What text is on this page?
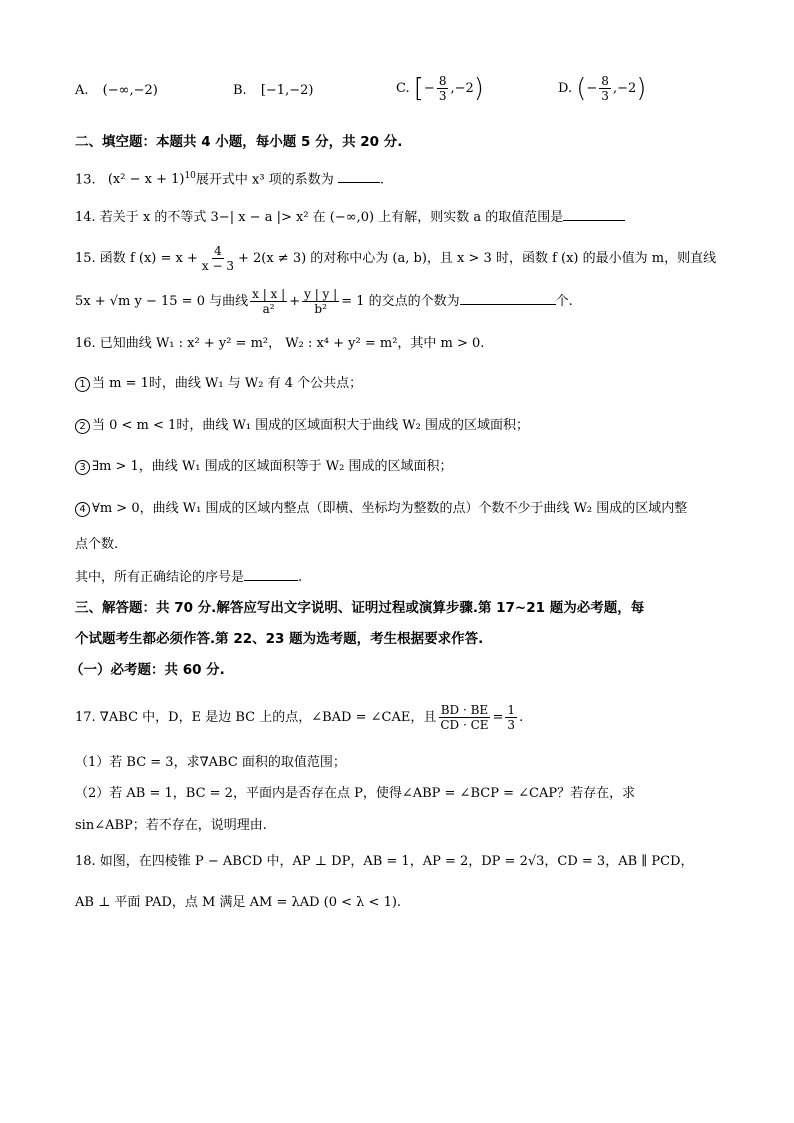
A. (−∞,−2)	B. [−1,−2)	C. [− $\frac{8}{3} ,-2$)	D. (− $\frac{8}{3} ,-2$)
二、填空题：本题共 4 小题，每小题 5 分，共 20 分.
13. $(x^2 - x + 1)^{10}$展开式中 x³ 项的系数为	.
14. 若关于 x 的不等式 3−| x − a |> x² 在 (−∞,0) 上有解，则实数 a 的取值范围是
15. 函数 f $(x) = x + \frac{4}{x - 3} + 2(x \ne 3)$ 的对称中心为 (a, b)，且 x > 3 时，函数 f (x) 的最小值为 m，则直线
5x + √m y − 15 = 0 与曲线 $\frac{x | x |}{\text{a²}} + \frac{y | y |}{\text{b²}} = 1$ 的交点的个数为	个.
16. 已知曲线 W₁ : x² + y² = m²， W₂ : x⁴ + y² = m²，其中 m > 0.
1 当 m = 1时，曲线 W₁ 与 W₂ 有 4 个公共点；
2 当 0 < m < 1时，曲线 W₁ 围成的区域面积大于曲线 W₂ 围成的区域面积；
3 ∃m > 1，曲线 W₁ 围成的区域面积等于 W₂ 围成的区域面积；
4 ∀m > 0，曲线 W₁ 围成的区域内整点（即横、坐标均为整数的点）个数不少于曲线 W₂ 围成的区域内整
点个数.
其中，所有正确结论的序号是	.
三、解答题：共 70 分.解答应写出文字说明、证明过程或演算步骤.第 17~21 题为必考题，每
个试题考生都必须作答.第 22、23 题为选考题，考生根据要求作答.
（一）必考题：共 60 分.
17. ∇ABC 中，D，E 是边 BC 上的点，∠BAD = ∠CAE，且 $\frac{BD \cdot BE}{CD \cdot CE} = \frac{1}{3}$ .
（1）若 BC = 3，求∇ABC 面积的取值范围；
（2）若 AB = 1，BC = 2，平面内是否存在点 P，使得∠ABP = ∠BCP = ∠CAP？若存在，求
sin∠ABP；若不存在，说明理由.
18. 如图，在四棱锥 P − ABCD 中，AP ⊥ DP，AB = 1，AP = 2，DP = 2√3，CD = 3，AB ∥ PCD，
AB ⊥ 平面 PAD，点 M 满足 AM = λAD (0 < λ < 1).
